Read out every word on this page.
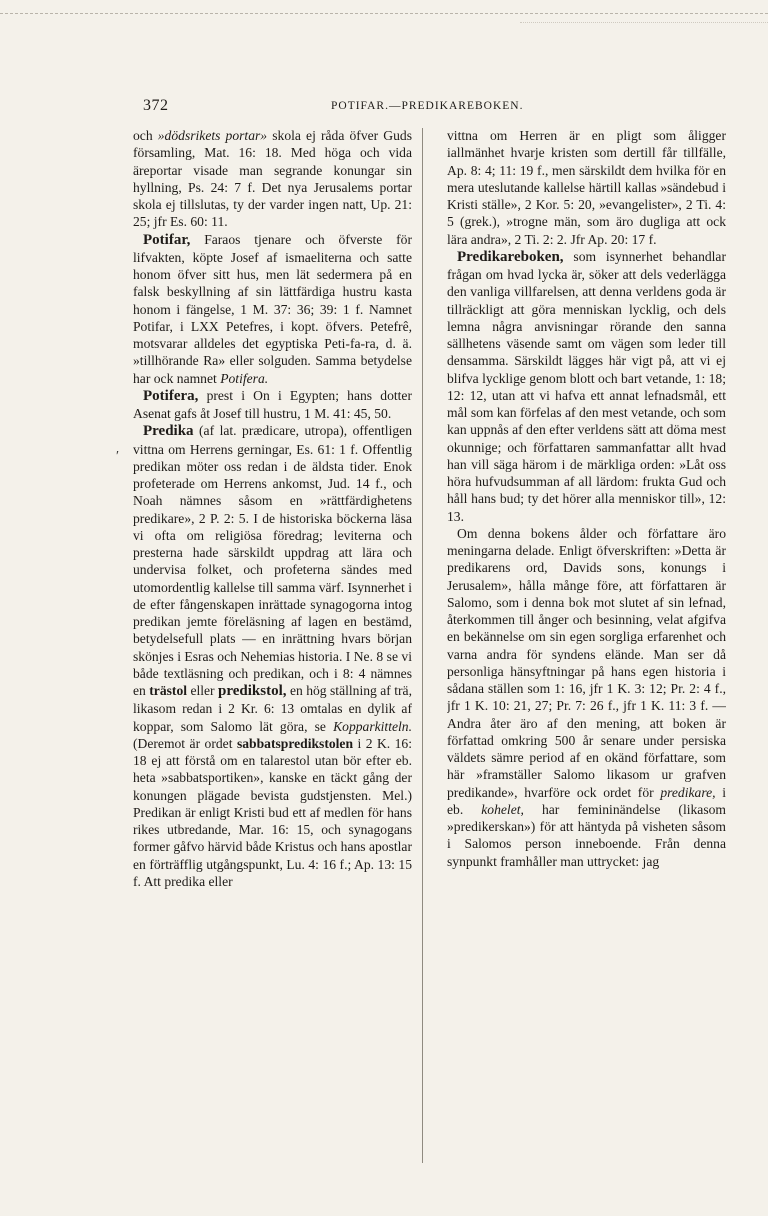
372	POTIFAR.—PREDIKAREBOKEN.
′

och »dödsrikets portar» skola ej råda öfver Guds församling, Mat. 16: 18. Med höga och vida äreportar visade man segrande konungar sin hyllning, Ps. 24: 7 f. Det nya Jerusalems portar skola ej tillslutas, ty der varder ingen natt, Up. 21: 25; jfr Es. 60: 11.

Potifar, Faraos tjenare och öfverste för lifvakten, köpte Josef af ismaeliterna och satte honom öfver sitt hus, men lät sedermera på en falsk beskyllning af sin lättfärdiga hustru kasta honom i fängelse, 1 M. 37: 36; 39: 1 f. Namnet Potifar, i LXX Petefres, i kopt. öfvers. Petefrê, motsvarar alldeles det egyptiska Peti-fa-ra, d. ä. »tillhörande Ra» eller solguden. Samma betydelse har ock namnet Potifera.

Potifera, prest i On i Egypten; hans dotter Asenat gafs åt Josef till hustru, 1 M. 41: 45, 50.

Predika (af lat. prædicare, utropa), offentligen vittna om Herrens gerningar, Es. 61: 1 f. Offentlig predikan möter oss redan i de äldsta tider. Enok profeterade om Herrens ankomst, Jud. 14 f., och Noah nämnes såsom en »rättfärdighetens predikare», 2 P. 2: 5. I de historiska böckerna läsa vi ofta om religiösa föredrag; leviterna och presterna hade särskildt uppdrag att lära och undervisa folket, och profeterna sändes med utomordentlig kallelse till samma värf. Isynnerhet i de efter fångenskapen inrättade synagogorna intog predikan jemte föreläsning af lagen en bestämd, betydelsefull plats — en inrättning hvars början skönjes i Esras och Nehemias historia. I Ne. 8 se vi både textläsning och predikan, och i 8: 4 nämnes en trästol eller predikstol, en hög ställning af trä, likasom redan i 2 Kr. 6: 13 omtalas en dylik af koppar, som Salomo lät göra, se Kopparkitteln. (Deremot är ordet sabbatspredikstolen i 2 K. 16: 18 ej att förstå om en talarestol utan bör efter eb. heta »sabbatsportiken», kanske en täckt gång der konungen plägade bevista gudstjensten. Mel.) Predikan är enligt Kristi bud ett af medlen för hans rikes utbredande, Mar. 16: 15, och synagogans former gåfvo härvid både Kristus och hans apostlar en förträfflig utgångspunkt, Lu. 4: 16 f.; Ap. 13: 15 f. Att predika eller

vittna om Herren är en pligt som åligger iallmänhet hvarje kristen som dertill får tillfälle, Ap. 8: 4; 11: 19 f., men särskildt dem hvilka för en mera uteslutande kallelse härtill kallas »sändebud i Kristi ställe», 2 Kor. 5: 20, »evangelister», 2 Ti. 4: 5 (grek.), »trogne män, som äro dugliga att ock lära andra», 2 Ti. 2: 2. Jfr Ap. 20: 17 f.

Predikareboken, som isynnerhet behandlar frågan om hvad lycka är, söker att dels vederlägga den vanliga villfarelsen, att denna verldens goda är tillräckligt att göra menniskan lycklig, och dels lemna några anvisningar rörande den sanna sällhetens väsende samt om vägen som leder till densamma. Särskildt lägges här vigt på, att vi ej blifva lycklige genom blott och bart vetande, 1: 18; 12: 12, utan att vi hafva ett annat lefnadsmål, ett mål som kan förfelas af den mest vetande, och som kan uppnås af den efter verldens sätt att döma mest okunnige; och författaren sammanfattar allt hvad han vill säga härom i de märkliga orden: »Låt oss höra hufvudsumman af all lärdom: frukta Gud och håll hans bud; ty det hörer alla menniskor till», 12: 13.

Om denna bokens ålder och författare äro meningarna delade. Enligt öfverskriften: »Detta är predikarens ord, Davids sons, konungs i Jerusalem», hålla månge före, att författaren är Salomo, som i denna bok mot slutet af sin lefnad, återkommen till ånger och besinning, velat afgifva en bekännelse om sin egen sorgliga erfarenhet och varna andra för syndens elände. Man ser då personliga hänsyftningar på hans egen historia i sådana ställen som 1: 16, jfr 1 K. 3: 12; Pr. 2: 4 f., jfr 1 K. 10: 21, 27; Pr. 7: 26 f., jfr 1 K. 11: 3 f. — Andra åter äro af den mening, att boken är författad omkring 500 år senare under persiska väldets sämre period af en okänd författare, som här »framställer Salomo likasom ur grafven predikande», hvarföre ock ordet för predikare, i eb. kohelet, har femininändelse (likasom »predikerskan») för att häntyda på visheten såsom i Salomos person inneboende. Från denna synpunkt framhåller man uttrycket: jag
